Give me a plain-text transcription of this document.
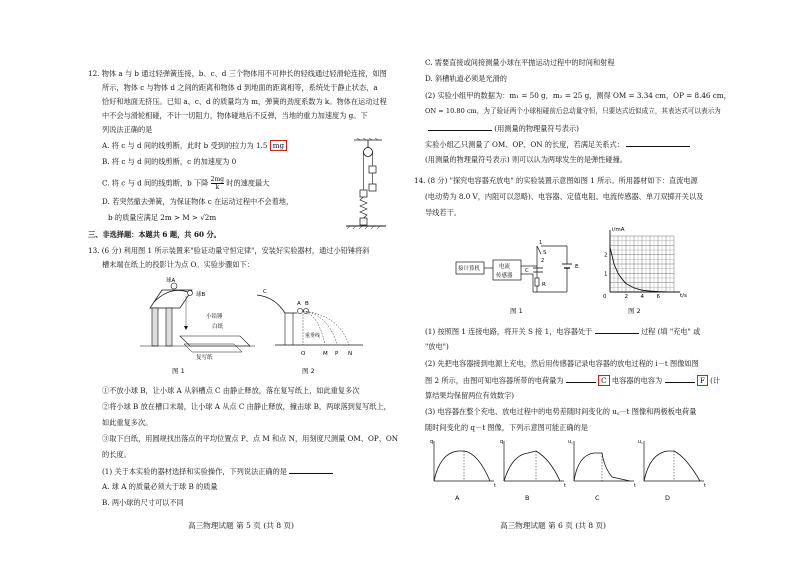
12. 物体 a 与 b 通过轻弹簧连接，b、c、d 三个物体用不可伸长的轻线通过轻滑轮连接，如图
所示，物体 c 与物体 d 之间的距离和物体 d 到地面的距离相等，系统处于静止状态，a
恰好和地面无挤压。已知 a、c、d 的质量均为 m，弹簧的劲度系数为 k。物体在运动过程
中不会与滑轮相碰，不计一切阻力，物体碰地后不反弹，当地的重力加速度为 g。下
列说法正确的是
A. 将 c 与 d 间的线剪断，此时 b 受到的拉力为 1.5 mg
B. 将 c 与 d 间的线剪断，c 的加速度为 0
C. 将 c 与 d 间的线剪断，b 下降 $\frac{2mg}{k}$ 时的速度最大
D. 若突然撤去弹簧，为保证物体 c 在运动过程中不会着地，
b 的质量应满足 2m > M > √2m
三、非选择题：本题共 6 题，共 60 分。
13. (6 分) 利用图 1 所示装置来"验证动量守恒定律"，安装好实验器材，通过小铅锤将斜
槽末端在纸上的投影计为点 O。实验步骤如下：
球A
球B
小铅锤
白纸
复写纸
图 1
C
A B
重垂线
O	M P N
图 2
①不放小球 B，让小球 A 从斜槽点 C 由静止释放，落在复写纸上，如此重复多次
②将小球 B 放在槽口末端，让小球 A 从点 C 由静止释放，撞击球 B，两球落到复写纸上，
如此重复多次。
③取下白纸，用圆规找出落点的平均位置点 P、点 M 和点 N，用刻度尺测量 OM、OP、ON
的长度。
(1) 关于本实验的器材选择和实验操作，下列说法正确的是
A. 球 A 的质量必须大于球 B 的质量
B. 两小球的尺寸可以不同
高三物理试题 第 5 页 (共 8 页)
C. 需要直接或间接测量小球在平抛运动过程中的时间和射程
D. 斜槽轨道必须是光滑的
(2) 实验小组甲的数据为：m₁ = 50 g，m₂ = 25 g，测得 OM = 3.34 cm，OP = 8.46 cm，
ON = 10.80 cm，为了验证两个小球相碰前后总动量守恒，只要达式近似成立，其表达式可以表示为
(用测量的物理量符号表示)
实验小组乙只测量了 OM、OP、ON 的长度，若满足关系式：
(用测量的物理量符号表示) 则可以认为两球发生的是弹性碰撞。
14. (8 分) "探究电容器充放电" 的实验装置示意图如图 1 所示。所用器材如下：直流电源
(电动势为 8.0 V，内阻可以忽略)、电容器、定值电阻、电流传感器、单刀双掷开关以及
导线若干。
接计算机	电流
传感器
S
1
2
C
R
E
图 1
i/mA
t/s
0	2 4 6
2
1
图 2
(1) 按照图 1 连接电路，将开关 S 接 1，电容器处于	过程 (填 "充电" 或
"放电")
(2) 先把电容器接到电源上充电，然后用传感器记录电容器的放电过程的 i－t 图像如图
图 2 所示，由图可知电容器所带的电荷量为	C 电容器的电容为	F (计
算结果均保留两位有效数字)
(3) 电容器在整个充电、放电过程中的电势差随时间变化的 u꜀－t 图像和两极板电荷量
随时间变化的 q－t 图像，下列示意图可能正确的是
q
t
q
t
u꜀
t
u꜀
t
A	B	C	D
高三物理试题 第 6 页 (共 8 页)
